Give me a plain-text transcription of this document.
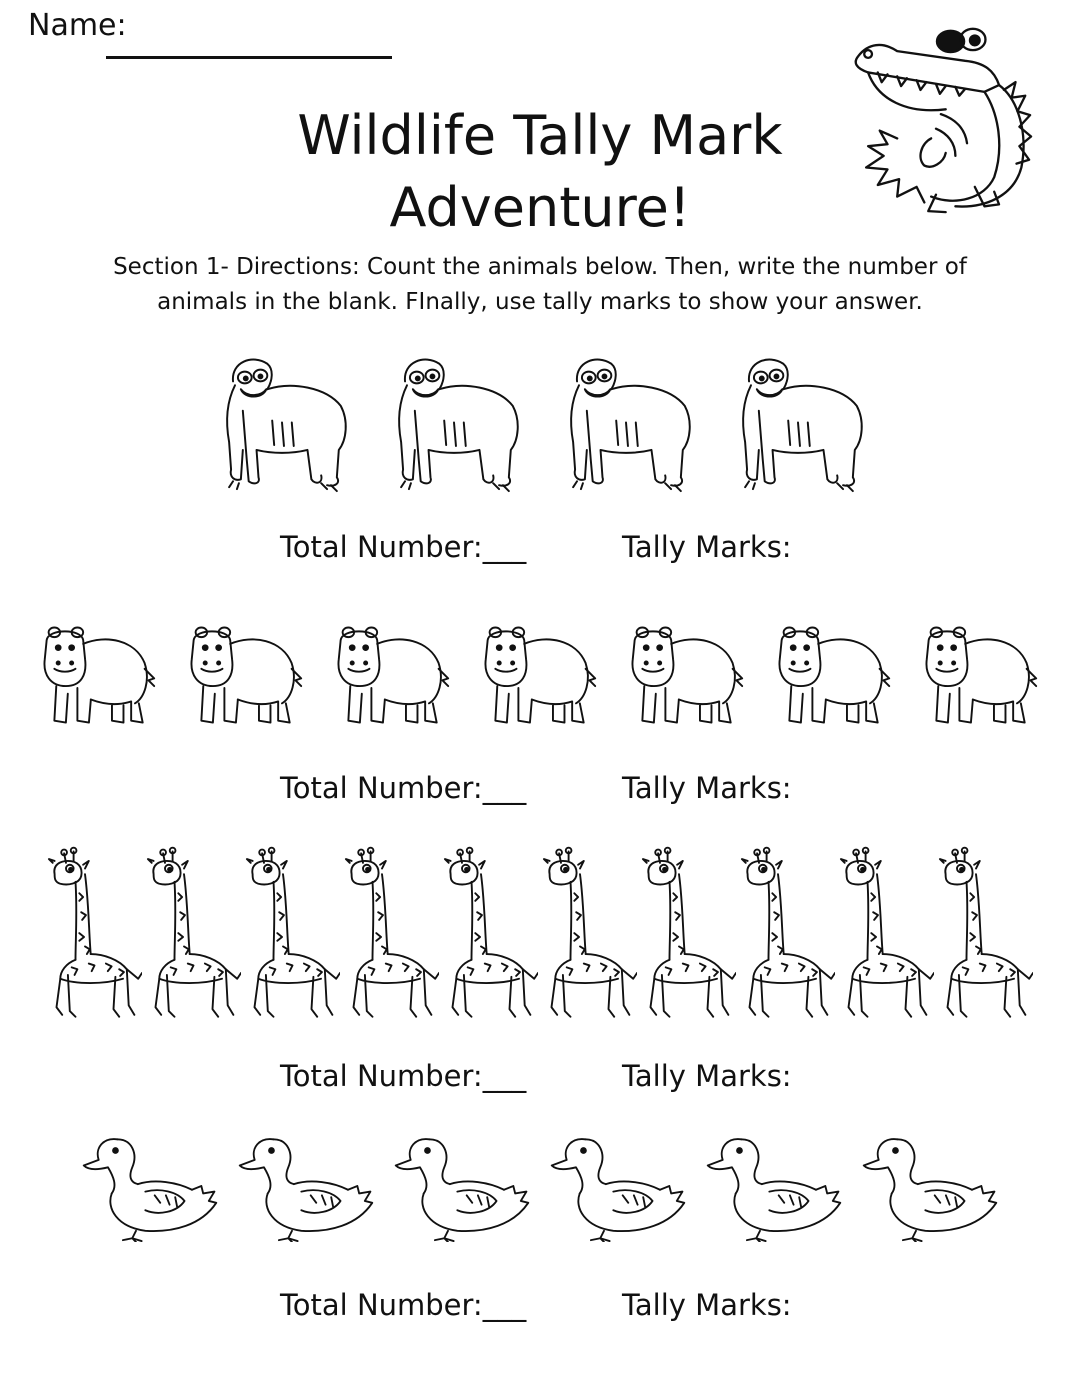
Name:
Wildlife Tally Mark
Adventure!
Section 1- Directions: Count the animals below. Then, write the number of
animals in the blank. FInally, use tally marks to show your answer.
Total Number:___	Tally Marks:
Total Number:___	Tally Marks:
Total Number:___	Tally Marks:
Total Number:___	Tally Marks:
